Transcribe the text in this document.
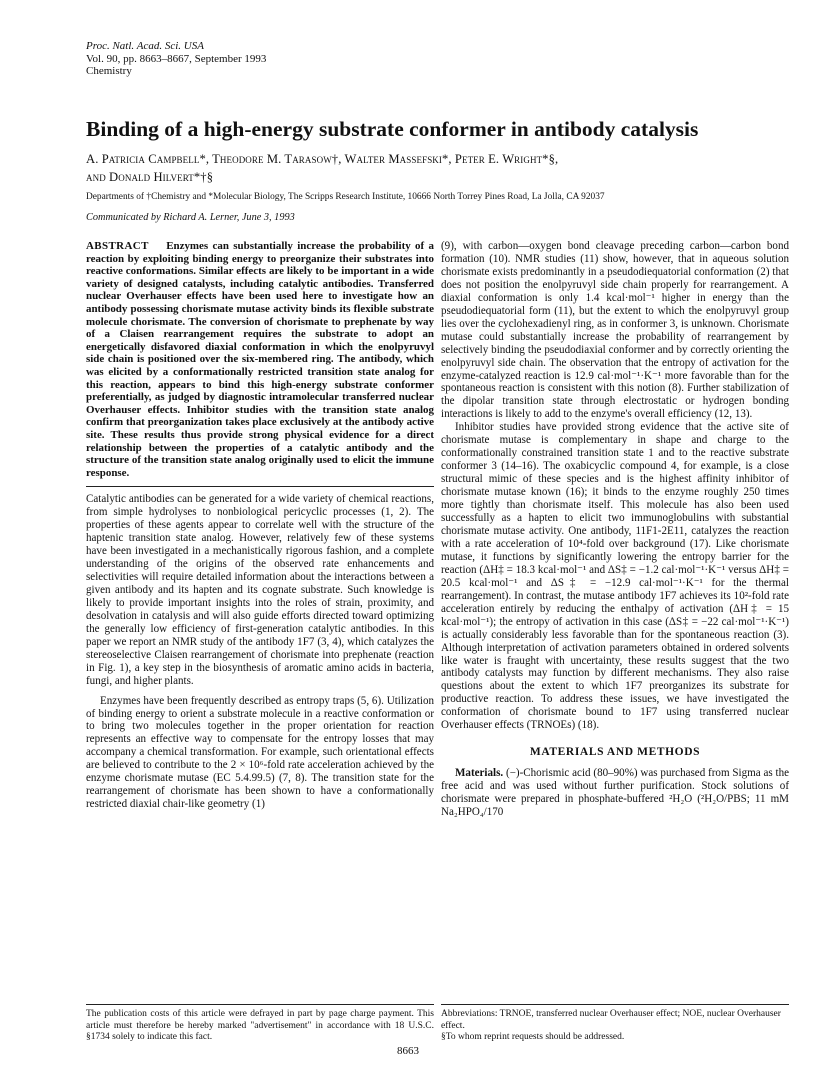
Proc. Natl. Acad. Sci. USA
Vol. 90, pp. 8663–8667, September 1993
Chemistry
Binding of a high-energy substrate conformer in antibody catalysis
A. Patricia Campbell*, Theodore M. Tarasow†, Walter Massefski*, Peter E. Wright*§,
and Donald Hilvert*†§
Departments of †Chemistry and *Molecular Biology, The Scripps Research Institute, 10666 North Torrey Pines Road, La Jolla, CA 92037
Communicated by Richard A. Lerner, June 3, 1993

ABSTRACT Enzymes can substantially increase the probability of a reaction by exploiting binding energy to preorganize their substrates into reactive conformations. Similar effects are likely to be important in a wide variety of designed catalysts, including catalytic antibodies. Transferred nuclear Overhauser effects have been used here to investigate how an antibody possessing chorismate mutase activity binds its flexible substrate molecule chorismate. The conversion of chorismate to prephenate by way of a Claisen rearrangement requires the substrate to adopt an energetically disfavored diaxial conformation in which the enolpyruvyl side chain is positioned over the six-membered ring. The antibody, which was elicited by a conformationally restricted transition state analog for this reaction, appears to bind this high-energy substrate conformer preferentially, as judged by diagnostic intramolecular transferred nuclear Overhauser effects. Inhibitor studies with the transition state analog confirm that preorganization takes place exclusively at the antibody active site. These results thus provide strong physical evidence for a direct relationship between the properties of a catalytic antibody and the structure of the transition state analog originally used to elicit the immune response.

Catalytic antibodies can be generated for a wide variety of chemical reactions, from simple hydrolyses to nonbiological pericyclic processes (1, 2). The properties of these agents appear to correlate well with the structure of the haptenic transition state analog. However, relatively few of these systems have been investigated in a mechanistically rigorous fashion, and a complete understanding of the origins of the observed rate enhancements and selectivities will require detailed information about the interactions between a given antibody and its hapten and its cognate substrate. Such knowledge is likely to provide important insights into the roles of strain, proximity, and desolvation in catalysis and will also guide efforts directed toward optimizing the generally low efficiency of first-generation catalytic antibodies. In this paper we report an NMR study of the antibody 1F7 (3, 4), which catalyzes the stereoselective Claisen rearrangement of chorismate into prephenate (reaction in Fig. 1), a key step in the biosynthesis of aromatic amino acids in bacteria, fungi, and higher plants.

Enzymes have been frequently described as entropy traps (5, 6). Utilization of binding energy to orient a substrate molecule in a reactive conformation or to bring two molecules together in the proper orientation for reaction represents an effective way to compensate for the entropy losses that may accompany a chemical transformation. For example, such orientational effects are believed to contribute to the 2 × 10⁶-fold rate acceleration achieved by the enzyme chorismate mutase (EC 5.4.99.5) (7, 8). The transition state for the rearrangement of chorismate has been shown to have a conformationally restricted diaxial chair-like geometry (1)

(9), with carbon—oxygen bond cleavage preceding carbon—carbon bond formation (10). NMR studies (11) show, however, that in aqueous solution chorismate exists predominantly in a pseudodiequatorial conformation (2) that does not position the enolpyruvyl side chain properly for rearrangement. A diaxial conformation is only 1.4 kcal·mol⁻¹ higher in energy than the pseudodiequatorial form (11), but the extent to which the enolpyruvyl group lies over the cyclohexadienyl ring, as in conformer 3, is unknown. Chorismate mutase could substantially increase the probability of rearrangement by selectively binding the pseudodiaxial conformer and by correctly orienting the enolpyruvyl side chain. The observation that the entropy of activation for the enzyme-catalyzed reaction is 12.9 cal·mol⁻¹·K⁻¹ more favorable than for the spontaneous reaction is consistent with this notion (8). Further stabilization of the dipolar transition state through electrostatic or hydrogen bonding interactions is likely to add to the enzyme's overall efficiency (12, 13).

Inhibitor studies have provided strong evidence that the active site of chorismate mutase is complementary in shape and charge to the conformationally constrained transition state 1 and to the reactive substrate conformer 3 (14–16). The oxabicyclic compound 4, for example, is a close structural mimic of these species and is the highest affinity inhibitor of chorismate mutase known (16); it binds to the enzyme roughly 250 times more tightly than chorismate itself. This molecule has also been used successfully as a hapten to elicit two immunoglobulins with substantial chorismate mutase activity. One antibody, 11F1-2E11, catalyzes the reaction with a rate acceleration of 10⁴-fold over background (17). Like chorismate mutase, it functions by significantly lowering the entropy barrier for the reaction (ΔH‡ = 18.3 kcal·mol⁻¹ and ΔS‡ = −1.2 cal·mol⁻¹·K⁻¹ versus ΔH‡ = 20.5 kcal·mol⁻¹ and ΔS‡ = −12.9 cal·mol⁻¹·K⁻¹ for the thermal rearrangement). In contrast, the mutase antibody 1F7 achieves its 10²-fold rate acceleration entirely by reducing the enthalpy of activation (ΔH‡ = 15 kcal·mol⁻¹); the entropy of activation in this case (ΔS‡ = −22 cal·mol⁻¹·K⁻¹) is actually considerably less favorable than for the spontaneous reaction (3). Although interpretation of activation parameters obtained in ordered solvents like water is fraught with uncertainty, these results suggest that the two antibody catalysts may function by different mechanisms. They also raise questions about the extent to which 1F7 preorganizes its substrate for productive reaction. To address these issues, we have investigated the conformation of chorismate bound to 1F7 using transferred nuclear Overhauser effects (TRNOEs) (18).

MATERIALS AND METHODS

Materials. (−)-Chorismic acid (80–90%) was purchased from Sigma as the free acid and was used without further purification. Stock solutions of chorismate were prepared in phosphate-buffered ²H₂O (²H₂O/PBS; 11 mM Na₂HPO₄/170

The publication costs of this article were defrayed in part by page charge payment. This article must therefore be hereby marked "advertisement" in accordance with 18 U.S.C. §1734 solely to indicate this fact.
Abbreviations: TRNOE, transferred nuclear Overhauser effect; NOE, nuclear Overhauser effect.
§To whom reprint requests should be addressed.
8663
